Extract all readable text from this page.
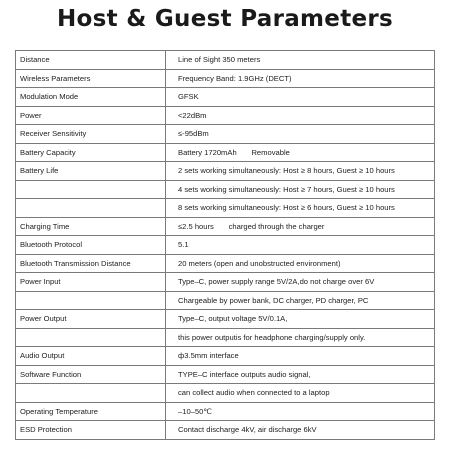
Host & Guest Parameters
Distance	Line of Sight 350 meters
Wireless Parameters	Frequency Band: 1.9GHz (DECT)
Modulation Mode	GFSK
Power	<22dBm
Receiver Sensitivity	≤-95dBm
Battery Capacity	Battery 1720mAh       Removable
Battery Life	2 sets working simultaneously: Host ≥ 8 hours, Guest ≥ 10 hours
	4 sets working simultaneously: Host ≥ 7 hours, Guest ≥ 10 hours
	8 sets working simultaneously: Host ≥ 6 hours, Guest ≥ 10 hours
Charging Time	≤2.5 hours       charged through the charger
Bluetooth Protocol	5.1
Bluetooth Transmission Distance	20 meters (open and unobstructed environment)
Power Input	Type–C, power supply range 5V/2A,do not charge over 6V
	Chargeable by power bank, DC charger, PD charger, PC
Power Output	Type–C, output voltage 5V/0.1A,
	this power outputis for headphone charging/supply only.
Audio Output	ф3.5mm interface
Software Function	TYPE–C interface outputs audio signal,
	can collect audio when connected to a laptop
Operating Temperature	–10–50℃
ESD Protection	Contact discharge 4kV, air discharge 6kV
